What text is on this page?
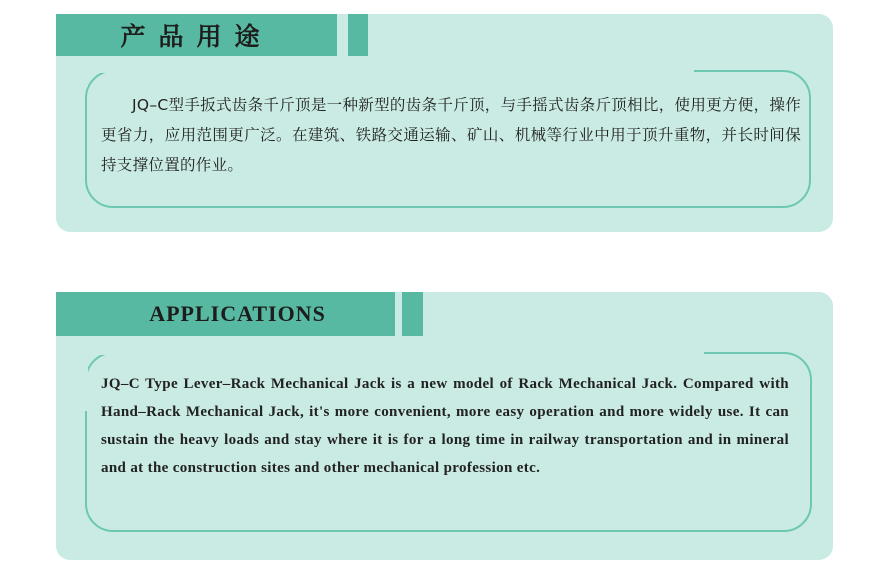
产品用途

JQ–C型手扳式齿条千斤顶是一种新型的齿条千斤顶，与手摇式齿条斤顶相比，使用更方便，操作更省力，应用范围更广泛。在建筑、铁路交通运输、矿山、机械等行业中用于顶升重物，并长时间保持支撑位置的作业。

APPLICATIONS

JQ–C Type Lever–Rack Mechanical Jack is a new model of Rack Mechanical Jack. Compared with Hand–Rack Mechanical Jack, it's more convenient, more easy operation and more widely use. It can sustain the heavy loads and stay where it is for a long time in railway transportation and in mineral and at the construction sites and other mechanical profession etc.
